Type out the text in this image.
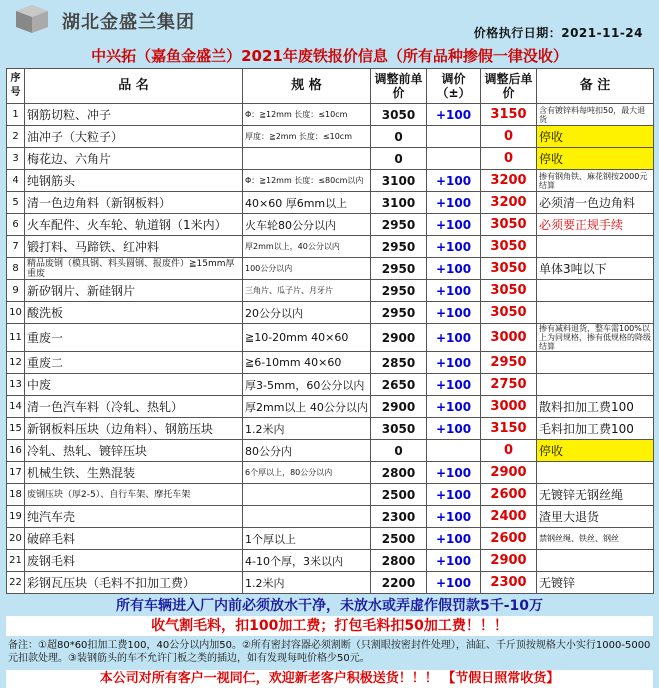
湖北金盛兰集团	价格执行日期：2021-11-24
中兴拓（嘉鱼金盛兰）2021年废铁报价信息（所有品种掺假一律没收）
序号	品 名	规 格	调整前单价	调价（±）	调整后单价	备 注
1	钢筋切粒、冲子	Φ：≧12mm 长度：≤10cm	3050	+100	3150	含有镀锌料每吨扣50，最大退货
2	油冲子（大粒子）	厚度：≧2mm 长度：≤10cm	0		0	停收
3	梅花边、六角片		0		0	停收
4	纯钢筋头	Φ：≧12mm 长度：≤80cm以内	3100	+100	3200	掺有钢角铁、麻花钢按2000元结算
5	清一色边角料（新钢板料）	40×60 厚6mm以上	3100	+100	3200	必须清一色边角料
6	火车配件、火车轮、轨道钢（1米内）	火车轮80公分以内	2950	+100	3050	必须要正规手续
7	锻打料、马蹄铁、红冲料	厚2mm以上，40公分以内	2950	+100	3050	
8	精品废钢（模具钢、料头圆钢、报废件）≧15mm厚重废	100公分以内	2950	+100	3050	单体3吨以下
9	新矽钢片、新硅钢片	三角片、瓜子片、月牙片	2950	+100	3050	
10	酸洗板	20公分以内	2950	+100	3050	
11	重废一	≧10-20mm 40×60	2900	+100	3000	掺有减料退货，整车需100%以上为同规格，掺有低规格的降级结算
12	重废二	≧6-10mm 40×60	2850	+100	2950	
13	中废	厚3-5mm，60公分以内	2650	+100	2750	
14	清一色汽车料（冷轧、热轧）	厚2mm以上 40公分以内	2900	+100	3000	散料扣加工费100
15	新钢板料压块（边角料）、钢筋压块	1.2米内	3050	+100	3150	毛料扣加工费100
16	冷轧、热轧、镀锌压块	80公分内	0		0	停收
17	机械生铁、生熟混装	6个厚以上，80公分以内	2800	+100	2900	
18	废钢压块（厚2-5）、自行车架、摩托车架		2500	+100	2600	无镀锌无钢丝绳
19	纯汽车壳		2300	+100	2400	渣里大退货
20	破碎毛料	1个厚以上	2500	+100	2600	禁钢丝绳、铁丝、钢丝
21	废钢毛料	4-10个厚，3米以内	2800	+100	2900	
22	彩钢瓦压块（毛料不扣加工费）	1.2米内	2200	+100	2300	无镀锌
所有车辆进入厂内前必须放水干净，未放水或弄虚作假罚款5千-10万
收气割毛料，扣100加工费；打包毛料扣50加工费！！！
备注：①超80*60扣加工费100，40公分以内加50。②所有密封容器必须割断（只割眼按密封件处理），油缸、千斤顶按规格大小实行1000-5000元扣款处理。③装钢筋头的车不允许门板之类的插边，如有发现每吨价格少50元。
本公司对所有客户一视同仁，欢迎新老客户积极送货！！！ 【节假日照常收货】
